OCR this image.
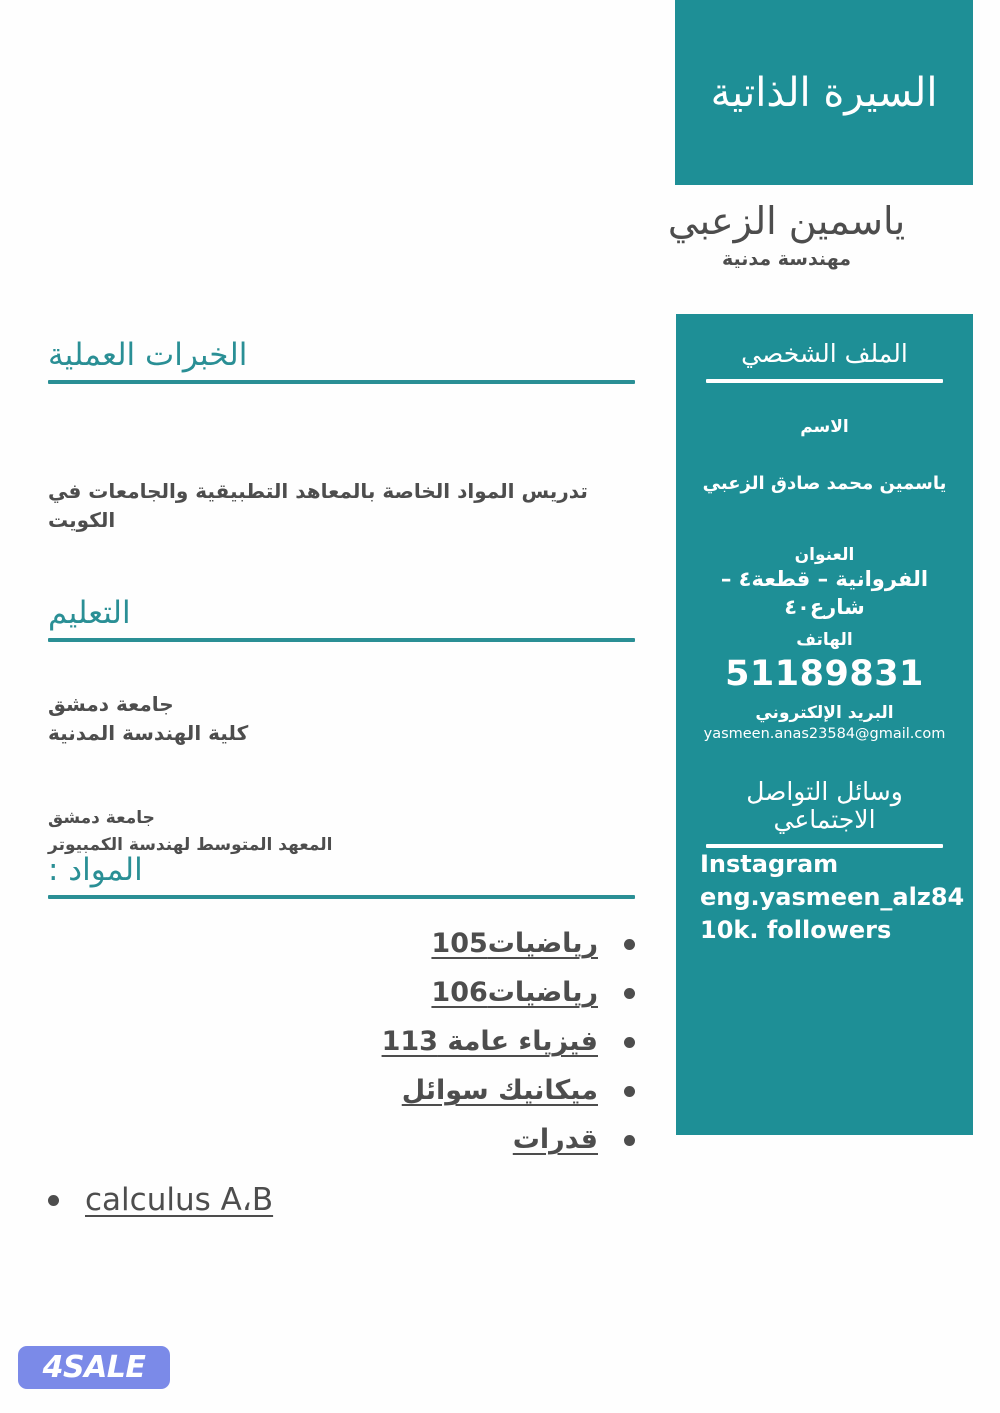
السيرة الذاتية
ياسمين الزعبي
مهندسة مدنية
الملف الشخصي
الاسم
ياسمين محمد صادق الزعبي
العنوان
الفروانية – قطعة٤ – شارع٤٠
الهاتف
51189831
البريد الإلكتروني
yasmeen.anas23584@gmail.com
وسائل التواصل الاجتماعي
Instagram
eng.yasmeen_alz84
10k. followers
الخبرات العملية
تدريس المواد الخاصة بالمعاهد التطبيقية والجامعات في الكويت
التعليم
جامعة دمشق
كلية الهندسة المدنية
جامعة دمشق
المعهد المتوسط لهندسة الكمبيوتر
المواد :
رياضيات105
رياضيات106
فيزياء عامة 113
ميكانيك سوائل
قدرات
calculus A،B
4SALE
